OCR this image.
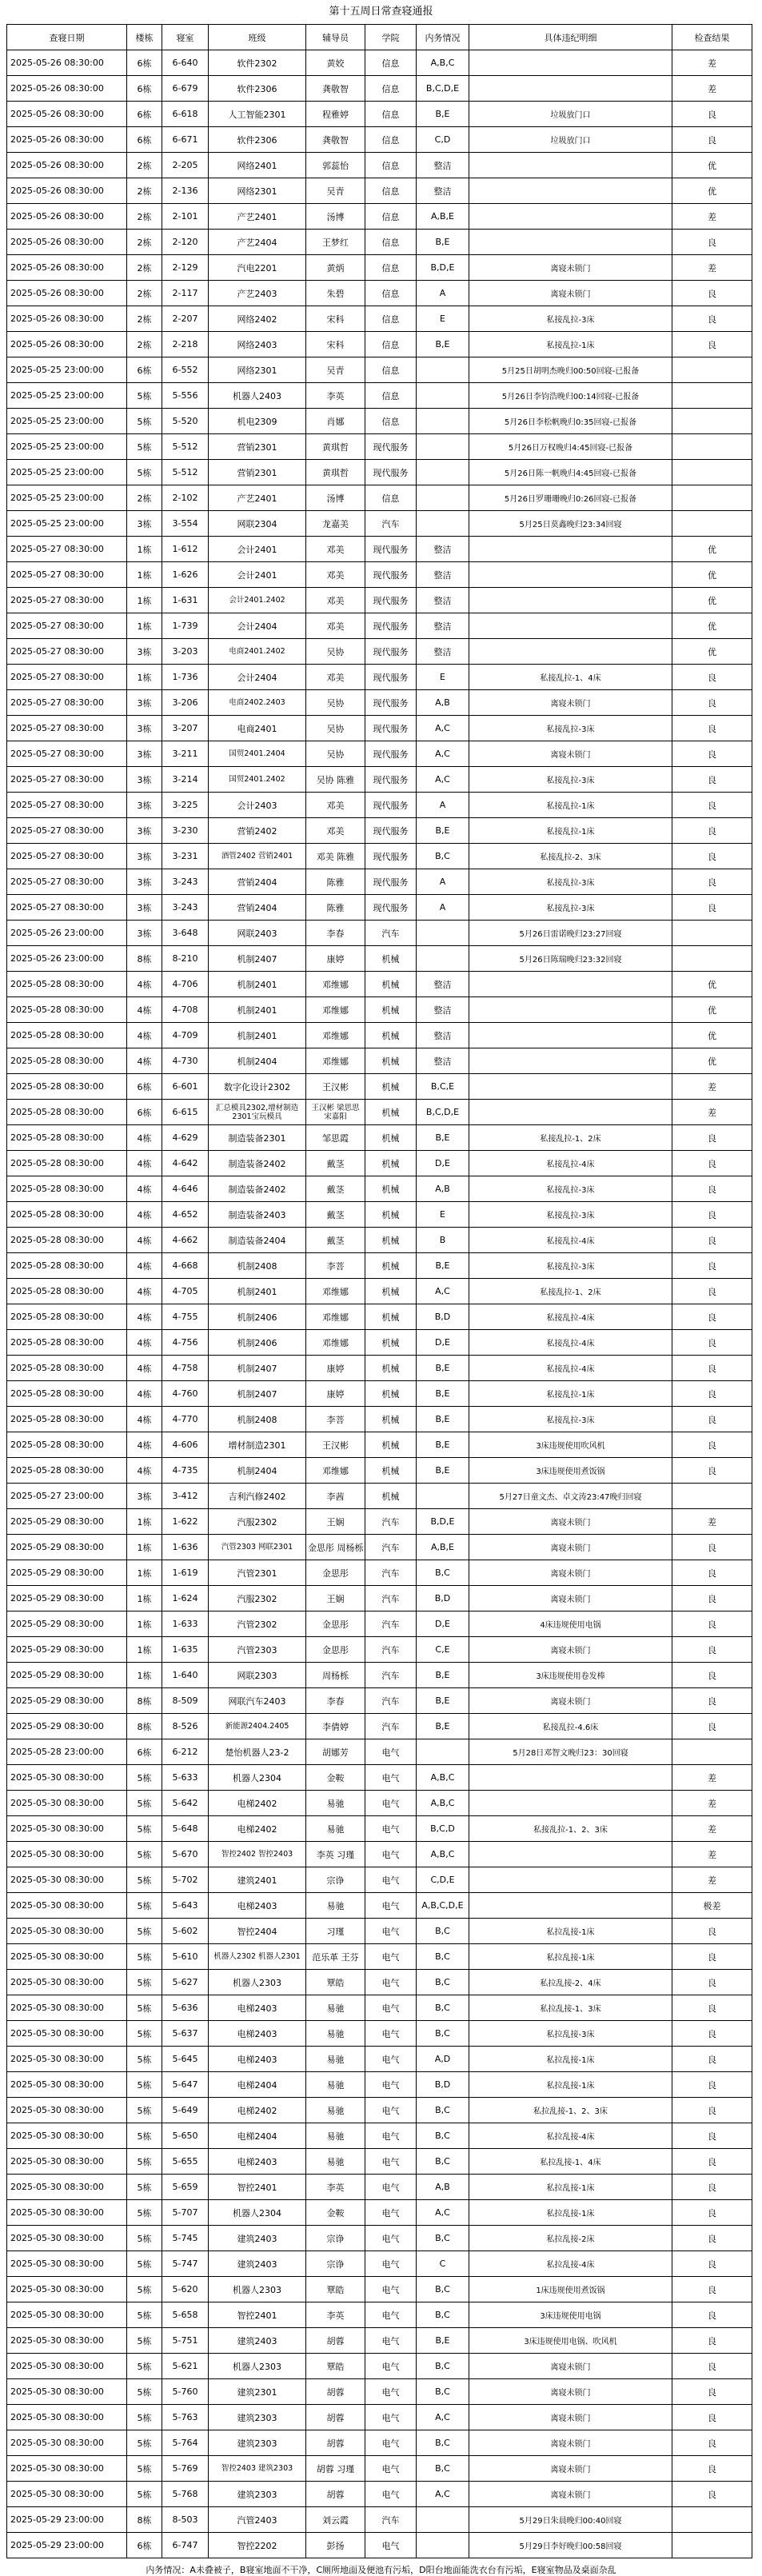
第十五周日常查寝通报
查寝日期	楼栋	寝室	班级	辅导员	学院	内务情况	具体违纪明细	检查结果
2025-05-26 08:30:00	6栋	6-640	软件2302	黄姣	信息	A,B,C		差
2025-05-26 08:30:00	6栋	6-679	软件2306	龚敬智	信息	B,C,D,E		差
2025-05-26 08:30:00	6栋	6-618	人工智能2301	程雅婷	信息	B,E	垃圾放门口	良
2025-05-26 08:30:00	6栋	6-671	软件2306	龚敬智	信息	C,D	垃圾放门口	良
2025-05-26 08:30:00	2栋	2-205	网络2401	郭蕊怡	信息	整洁		优
2025-05-26 08:30:00	2栋	2-136	网络2301	吴青	信息	整洁		优
2025-05-26 08:30:00	2栋	2-101	产艺2401	汤博	信息	A,B,E		差
2025-05-26 08:30:00	2栋	2-120	产艺2404	王梦红	信息	B,E		良
2025-05-26 08:30:00	2栋	2-129	汽电2201	黄炳	信息	B,D,E	离寝未锁门	差
2025-05-26 08:30:00	2栋	2-117	产艺2403	朱碧	信息	A	离寝未锁门	良
2025-05-26 08:30:00	2栋	2-207	网络2402	宋科	信息	E	私接乱拉-3床	良
2025-05-26 08:30:00	2栋	2-218	网络2403	宋科	信息	B,E	私接乱拉-1床	良
2025-05-25 23:00:00	6栋	6-552	网络2301	吴青	信息		5月25日胡明杰晚归00:50回寝-已报备	
2025-05-25 23:00:00	5栋	5-556	机器人2403	李英	信息		5月26日李钧浩晚归00:14回寝-已报备	
2025-05-25 23:00:00	5栋	5-520	机电2309	肖娜	信息		5月26日李松帆晚归0:35回寝-已报备	
2025-05-25 23:00:00	5栋	5-512	营销2301	黄琪哲	现代服务		5月26日万权晚归4:45回寝-已报备	
2025-05-25 23:00:00	5栋	5-512	营销2301	黄琪哲	现代服务		5月26日陈一帆晚归4:45回寝-已报备	
2025-05-25 23:00:00	2栋	2-102	产艺2401	汤博	信息		5月26日罗珊珊晚归0:26回寝-已报备	
2025-05-25 23:00:00	3栋	3-554	网联2304	龙嘉美	汽车		5月25日莫鑫晚归23:34回寝	
2025-05-27 08:30:00	1栋	1-612	会计2401	邓美	现代服务	整洁		优
2025-05-27 08:30:00	1栋	1-626	会计2401	邓美	现代服务	整洁		优
2025-05-27 08:30:00	1栋	1-631	会计2401.2402	邓美	现代服务	整洁		优
2025-05-27 08:30:00	1栋	1-739	会计2404	邓美	现代服务	整洁		优
2025-05-27 08:30:00	3栋	3-203	电商2401.2402	吴协	现代服务	整洁		优
2025-05-27 08:30:00	1栋	1-736	会计2404	邓美	现代服务	E	私接乱拉-1、4床	良
2025-05-27 08:30:00	3栋	3-206	电商2402.2403	吴协	现代服务	A,B	离寝未锁门	良
2025-05-27 08:30:00	3栋	3-207	电商2401	吴协	现代服务	A,C	私接乱拉-3床	良
2025-05-27 08:30:00	3栋	3-211	国贸2401.2404	吴协	现代服务	A,C	离寝未锁门	良
2025-05-27 08:30:00	3栋	3-214	国贸2401.2402	吴协 陈雅	现代服务	A,C	私接乱拉-3床	良
2025-05-27 08:30:00	3栋	3-225	会计2403	邓美	现代服务	A	私接乱拉-1床	良
2025-05-27 08:30:00	3栋	3-230	营销2402	邓美	现代服务	B,E	私接乱拉-1床	良
2025-05-27 08:30:00	3栋	3-231	酒管2402 营销2401	邓美 陈雅	现代服务	B,C	私接乱拉-2、3床	良
2025-05-27 08:30:00	3栋	3-243	营销2404	陈雅	现代服务	A	私接乱拉-3床	良
2025-05-27 08:30:00	3栋	3-243	营销2404	陈雅	现代服务	A	私接乱拉-3床	良
2025-05-26 23:00:00	3栋	3-648	网联2403	李春	汽车		5月26日雷诺晚归23:27回寝	
2025-05-26 23:00:00	8栋	8-210	机制2407	康婷	机械		5月26日陈瑞晚归23:32回寝	
2025-05-28 08:30:00	4栋	4-706	机制2401	邓维娜	机械	整洁		优
2025-05-28 08:30:00	4栋	4-708	机制2401	邓维娜	机械	整洁		优
2025-05-28 08:30:00	4栋	4-709	机制2401	邓维娜	机械	整洁		优
2025-05-28 08:30:00	4栋	4-730	机制2404	邓维娜	机械	整洁		优
2025-05-28 08:30:00	6栋	6-601	数字化设计2302	王汉彬	机械	B,C,E		差
2025-05-28 08:30:00	6栋	6-615	汇总模具2302,增材制造2301宝玩模具	王汉彬 梁思思 宋嘉阳	机械	B,C,D,E		差
2025-05-28 08:30:00	4栋	4-629	制造装备2301	邹思霞	机械	B,E	私接乱拉-1、2床	良
2025-05-28 08:30:00	4栋	4-642	制造装备2402	戴茎	机械	D,E	私接乱拉-4床	良
2025-05-28 08:30:00	4栋	4-646	制造装备2402	戴茎	机械	A,B	私接乱拉-3床	良
2025-05-28 08:30:00	4栋	4-652	制造装备2403	戴茎	机械	E	私接乱拉-3床	良
2025-05-28 08:30:00	4栋	4-662	制造装备2404	戴茎	机械	B	私接乱拉-4床	良
2025-05-28 08:30:00	4栋	4-668	机制2408	李菩	机械	B,E	私接乱拉-3床	良
2025-05-28 08:30:00	4栋	4-705	机制2401	邓维娜	机械	A,C	私接乱拉-1、2床	良
2025-05-28 08:30:00	4栋	4-755	机制2406	邓维娜	机械	B,D	私接乱拉-4床	良
2025-05-28 08:30:00	4栋	4-756	机制2406	邓维娜	机械	D,E	私接乱拉-4床	良
2025-05-28 08:30:00	4栋	4-758	机制2407	康婷	机械	B,E	私接乱拉-4床	良
2025-05-28 08:30:00	4栋	4-760	机制2407	康婷	机械	B,E	私接乱拉-1床	良
2025-05-28 08:30:00	4栋	4-770	机制2408	李菩	机械	B,E	私接乱拉-3床	良
2025-05-28 08:30:00	4栋	4-606	增材制造2301	王汉彬	机械	B,E	3床违规使用吹风机	良
2025-05-28 08:30:00	4栋	4-735	机制2404	邓维娜	机械	B,E	3床违规使用煮饭锅	良
2025-05-27 23:00:00	3栋	3-412	吉利汽修2402	李茜	机械		5月27日童文杰、卓文涛23:47晚归回寝	
2025-05-29 08:30:00	1栋	1-622	汽服2302	王娴	汽车	B,D,E	离寝未锁门	差
2025-05-29 08:30:00	1栋	1-636	汽管2303 网联2301	金思彤 周杨栎	汽车	A,B,E	离寝未锁门	良
2025-05-29 08:30:00	1栋	1-619	汽管2301	金思彤	汽车	B,C	离寝未锁门	良
2025-05-29 08:30:00	1栋	1-624	汽服2302	王娴	汽车	B,D	离寝未锁门	良
2025-05-29 08:30:00	1栋	1-633	汽管2302	金思彤	汽车	D,E	4床违规使用电锅	良
2025-05-29 08:30:00	1栋	1-635	汽管2303	金思彤	汽车	C,E	离寝未锁门	良
2025-05-29 08:30:00	1栋	1-640	网联2303	周杨栎	汽车	B,E	3床违规使用卷发棒	良
2025-05-29 08:30:00	8栋	8-509	网联汽车2403	李春	汽车	B,E	离寝未锁门	良
2025-05-29 08:30:00	8栋	8-526	新能源2404.2405	李倩婷	汽车	B,E	私接乱拉-4.6床	良
2025-05-28 23:00:00	6栋	6-212	楚怡机器人23-2	胡娜芳	电气		5月28日邓智文晚归23：30回寝	
2025-05-30 08:30:00	5栋	5-633	机器人2304	金鞍	电气	A,B,C		差
2025-05-30 08:30:00	5栋	5-642	电梯2402	易驰	电气	A,B,C		差
2025-05-30 08:30:00	5栋	5-648	电梯2402	易驰	电气	B,C,D	私接乱拉-1、2、3床	差
2025-05-30 08:30:00	5栋	5-670	智控2402 智控2403	李英 习瑾	电气	A,B,C		差
2025-05-30 08:30:00	5栋	5-702	建筑2401	宗诤	电气	C,D,E		差
2025-05-30 08:30:00	5栋	5-643	电梯2403	易驰	电气	A,B,C,D,E		极差
2025-05-30 08:30:00	5栋	5-602	智控2404	习瑾	电气	B,C	私拉乱接-1床	良
2025-05-30 08:30:00	5栋	5-610	机器人2302 机器人2301	范乐革 王芬	电气	B,C	私拉乱接-1床	良
2025-05-30 08:30:00	5栋	5-627	机器人2303	覃皓	电气	B,C	私拉乱接-2、4床	良
2025-05-30 08:30:00	5栋	5-636	电梯2403	易驰	电气	B,C	私拉乱接-1、3床	良
2025-05-30 08:30:00	5栋	5-637	电梯2403	易驰	电气	B,C	私拉乱接-3床	良
2025-05-30 08:30:00	5栋	5-645	电梯2403	易驰	电气	A,D	私拉乱接-1床	良
2025-05-30 08:30:00	5栋	5-647	电梯2404	易驰	电气	B,D	私拉乱接-1床	良
2025-05-30 08:30:00	5栋	5-649	电梯2402	易驰	电气	B,C	私拉乱接-1、2、3床	良
2025-05-30 08:30:00	5栋	5-650	电梯2404	易驰	电气	B,C	私拉乱接-4床	良
2025-05-30 08:30:00	5栋	5-655	电梯2403	易驰	电气	B,C	私拉乱接-1、4床	良
2025-05-30 08:30:00	5栋	5-659	智控2401	李英	电气	A,B	私拉乱接-1床	良
2025-05-30 08:30:00	5栋	5-707	机器人2304	金鞍	电气	A,C	私拉乱接-1床	良
2025-05-30 08:30:00	5栋	5-745	建筑2403	宗诤	电气	B,C	私拉乱接-2床	良
2025-05-30 08:30:00	5栋	5-747	建筑2403	宗诤	电气	C	私拉乱接-4床	良
2025-05-30 08:30:00	5栋	5-620	机器人2303	覃皓	电气	B,C	1床违规使用煮饭锅	良
2025-05-30 08:30:00	5栋	5-658	智控2401	李英	电气	B,C	3床违规使用电锅	良
2025-05-30 08:30:00	5栋	5-751	建筑2403	胡蓉	电气	B,E	3床违规使用电锅、吹风机	良
2025-05-30 08:30:00	5栋	5-621	机器人2303	覃皓	电气	B,C	离寝未锁门	良
2025-05-30 08:30:00	5栋	5-760	建筑2301	胡蓉	电气	B,C	离寝未锁门	良
2025-05-30 08:30:00	5栋	5-763	建筑2303	胡蓉	电气	A,C	离寝未锁门	良
2025-05-30 08:30:00	5栋	5-764	建筑2303	胡蓉	电气	B,C	离寝未锁门	良
2025-05-30 08:30:00	5栋	5-769	智控2403 建筑2303	胡蓉 习瑾	电气	B,C	离寝未锁门	良
2025-05-30 08:30:00	5栋	5-768	建筑2303	胡蓉	电气	A,C	离寝未锁门	良
2025-05-29 23:00:00	8栋	8-503	汽管2403	刘云霞	汽车		5月29日朱晨晚归00:40回寝	
2025-05-29 23:00:00	6栋	6-747	智控2202	彭扬	电气		5月29日李好晚归00:58回寝	
内务情况：A未叠被子，B寝室地面不干净，C厕所地面及便池有污垢，D阳台地面能洗衣台有污垢，E寝室物品及桌面杂乱
